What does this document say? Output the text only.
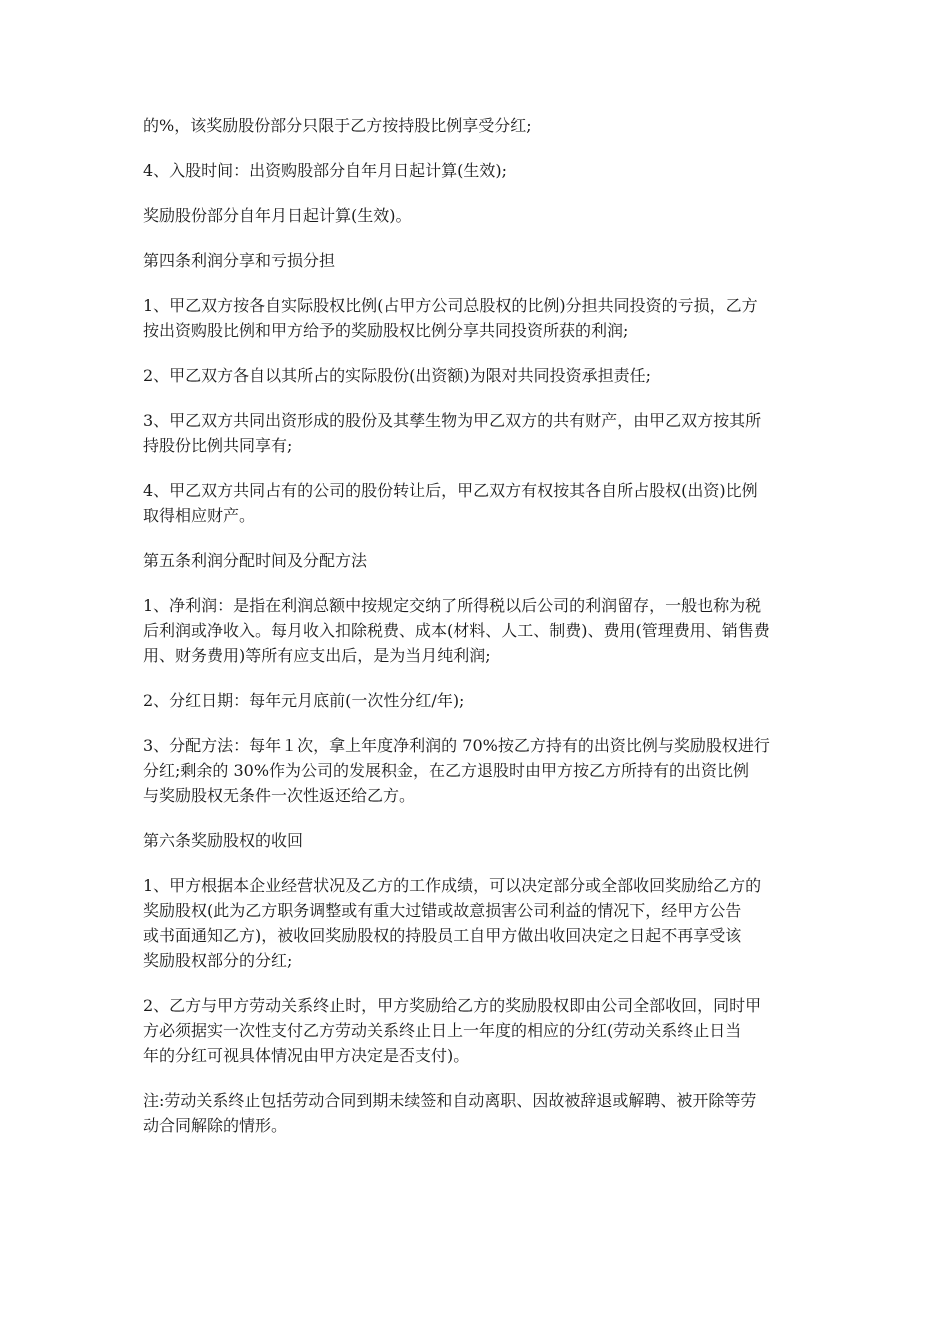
的%，该奖励股份部分只限于乙方按持股比例享受分红;

4、入股时间：出资购股部分自年月日起计算(生效);

奖励股份部分自年月日起计算(生效)。

第四条利润分享和亏损分担

1、甲乙双方按各自实际股权比例(占甲方公司总股权的比例)分担共同投资的亏损，乙方
按出资购股比例和甲方给予的奖励股权比例分享共同投资所获的利润;

2、甲乙双方各自以其所占的实际股份(出资额)为限对共同投资承担责任;

3、甲乙双方共同出资形成的股份及其孳生物为甲乙双方的共有财产，由甲乙双方按其所
持股份比例共同享有;

4、甲乙双方共同占有的公司的股份转让后，甲乙双方有权按其各自所占股权(出资)比例
取得相应财产。

第五条利润分配时间及分配方法

1、净利润：是指在利润总额中按规定交纳了所得税以后公司的利润留存，一般也称为税
后利润或净收入。每月收入扣除税费、成本(材料、人工、制费)、费用(管理费用、销售费
用、财务费用)等所有应支出后，是为当月纯利润;

2、分红日期：每年元月底前(一次性分红/年);

3、分配方法：每年１次，拿上年度净利润的 70%按乙方持有的出资比例与奖励股权进行
分红;剩余的 30%作为公司的发展积金，在乙方退股时由甲方按乙方所持有的出资比例
与奖励股权无条件一次性返还给乙方。

第六条奖励股权的收回

1、甲方根据本企业经营状况及乙方的工作成绩，可以决定部分或全部收回奖励给乙方的
奖励股权(此为乙方职务调整或有重大过错或故意损害公司利益的情况下，经甲方公告
或书面通知乙方)，被收回奖励股权的持股员工自甲方做出收回决定之日起不再享受该
奖励股权部分的分红;

2、乙方与甲方劳动关系终止时，甲方奖励给乙方的奖励股权即由公司全部收回，同时甲
方必须据实一次性支付乙方劳动关系终止日上一年度的相应的分红(劳动关系终止日当
年的分红可视具体情况由甲方决定是否支付)。

注:劳动关系终止包括劳动合同到期未续签和自动离职、因故被辞退或解聘、被开除等劳
动合同解除的情形。
